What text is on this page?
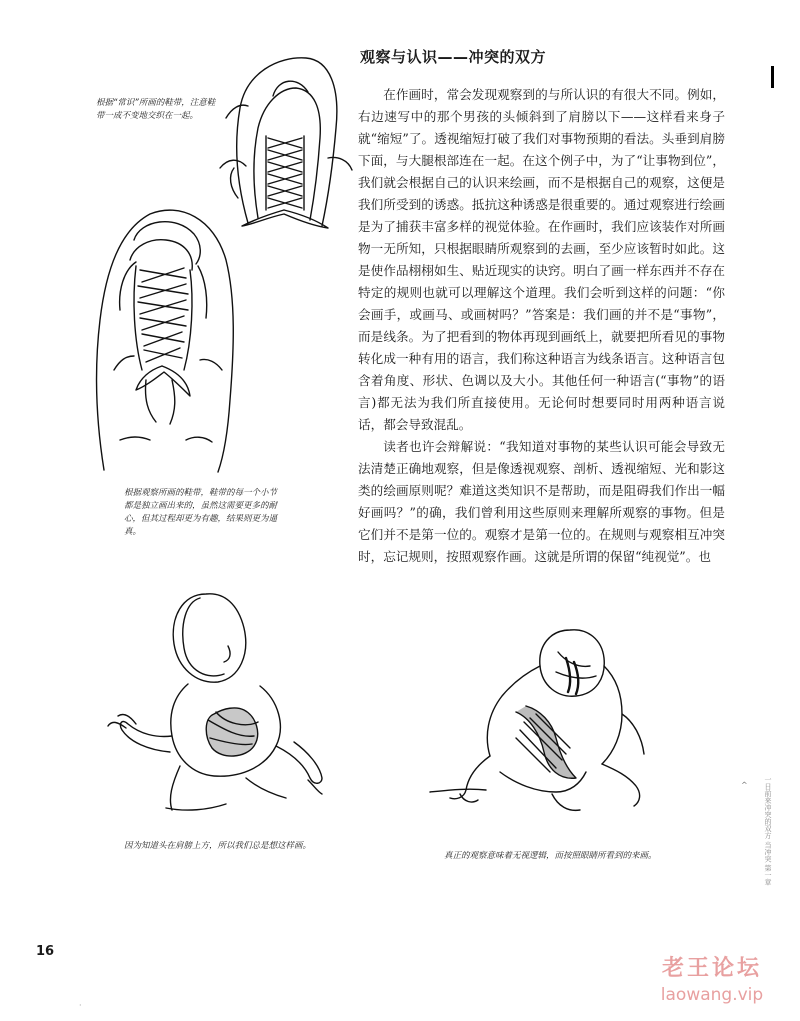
观察与认识——冲突的双方

在作画时，常会发现观察到的与所认识的有很大不同。例如，右边速写中的那个男孩的头倾斜到了肩膀以下——这样看来身子就“缩短”了。透视缩短打破了我们对事物预期的看法。头垂到肩膀下面，与大腿根部连在一起。在这个例子中，为了“让事物到位”，我们就会根据自己的认识来绘画，而不是根据自己的观察，这便是我们所受到的诱惑。抵抗这种诱惑是很重要的。通过观察进行绘画是为了捕获丰富多样的视觉体验。在作画时，我们应该装作对所画物一无所知，只根据眼睛所观察到的去画，至少应该暂时如此。这是使作品栩栩如生、贴近现实的诀窍。明白了画一样东西并不存在特定的规则也就可以理解这个道理。我们会听到这样的问题：“你会画手，或画马、或画树吗？”答案是：我们画的并不是“事物”，而是线条。为了把看到的物体再现到画纸上，就要把所看见的事物转化成一种有用的语言，我们称这种语言为线条语言。这种语言包含着角度、形状、色调以及大小。其他任何一种语言(“事物”的语言)都无法为我们所直接使用。无论何时想要同时用两种语言说话，都会导致混乱。

读者也许会辩解说：“我知道对事物的某些认识可能会导致无法清楚正确地观察，但是像透视观察、剖析、透视缩短、光和影这类的绘画原则呢？难道这类知识不是帮助，而是阻碍我们作出一幅好画吗？”的确，我们曾利用这些原则来理解所观察的事物。但是它们并不是第一位的。观察才是第一位的。在规则与观察相互冲突时，忘记规则，按照观察作画。这就是所谓的保留“纯视觉”。也

根据“常识”所画的鞋带，注意鞋带一成不变地交织在一起。

根据观察所画的鞋带，鞋带的每一个小节都是独立画出来的，虽然这需要更多的耐心，但其过程却更为有趣，结果则更为逼真。

因为知道头在肩膀上方，所以我们总是想这样画。

真正的观察意味着无视逻辑，而按照眼睛所看到的来画。

16
^	一日前来冲突的双方 当冲突 第一章
·
老王论坛
laowang.vip
